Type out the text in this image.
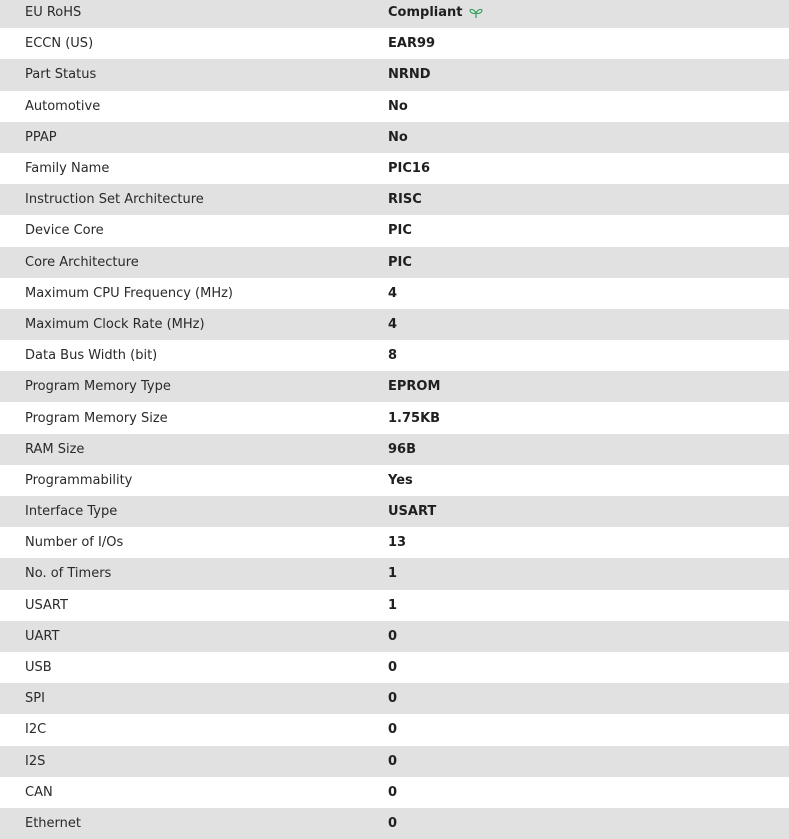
EU RoHS	Compliant
ECCN (US)	EAR99
Part Status	NRND
Automotive	No
PPAP	No
Family Name	PIC16
Instruction Set Architecture	RISC
Device Core	PIC
Core Architecture	PIC
Maximum CPU Frequency (MHz)	4
Maximum Clock Rate (MHz)	4
Data Bus Width (bit)	8
Program Memory Type	EPROM
Program Memory Size	1.75KB
RAM Size	96B
Programmability	Yes
Interface Type	USART
Number of I/Os	13
No. of Timers	1
USART	1
UART	0
USB	0
SPI	0
I2C	0
I2S	0
CAN	0
Ethernet	0
